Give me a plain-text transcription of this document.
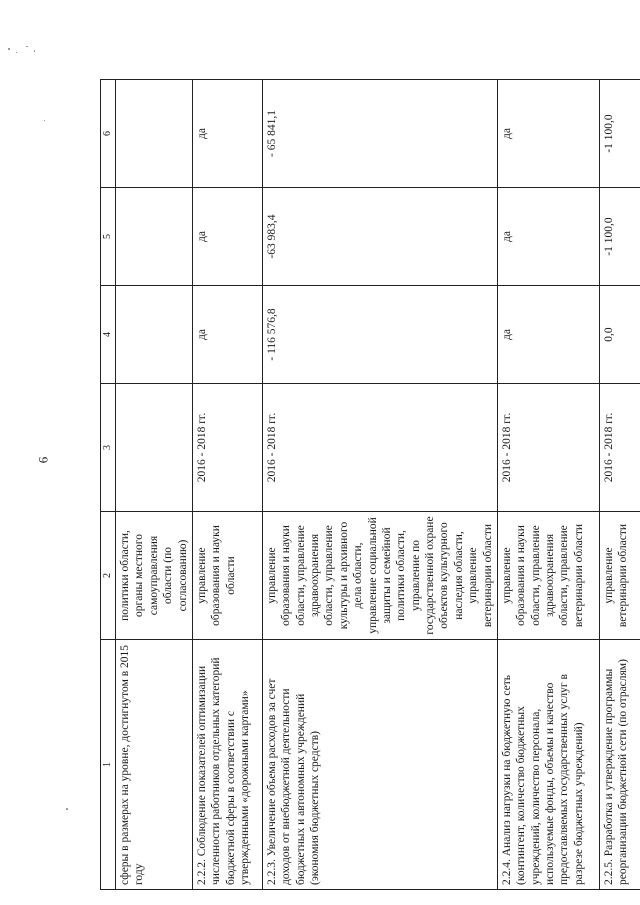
6
1	2	3	4	5	6
сферы в размерах на уровне, достигнутом в 2015 году	политики области, органы местного самоуправления области (по согласованию)		

2.2.2. Соблюдение показателей оптимизации численности работников отдельных категорий бюджетной сферы в соответствии с утвержденными «дорожными картами»	управление образования и науки области	2016 - 2018 гг.	да	да	да
2.2.3. Увеличение объема расходов за счет доходов от внебюджетной деятельности бюджетных и автономных учреждений (экономия бюджетных средств)	управление образования и науки области, управление здравоохранения области, управление культуры и архивного дела области, управление социальной защиты и семейной политики области, управление по государственной охране объектов культурного наследия области, управление ветеринарии области	2016 - 2018 гг.	- 116 576,8	-63 983,4	- 65 841,1
2.2.4. Анализ нагрузки на бюджетную сеть (контингент, количество бюджетных учреждений, количество персонала, используемые фонды, объемы и качество предоставляемых государственных услуг в разрезе бюджетных учреждений)	управление образования и науки области, управление здравоохранения области, управление ветеринарии области	2016 - 2018 гг.	да	да	да
2.2.5. Разработка и утверждение программы реорганизации бюджетной сети (по отраслям)	управление ветеринарии области	2016 - 2018 гг.	0,0	-1 100,0	-1 100,0
